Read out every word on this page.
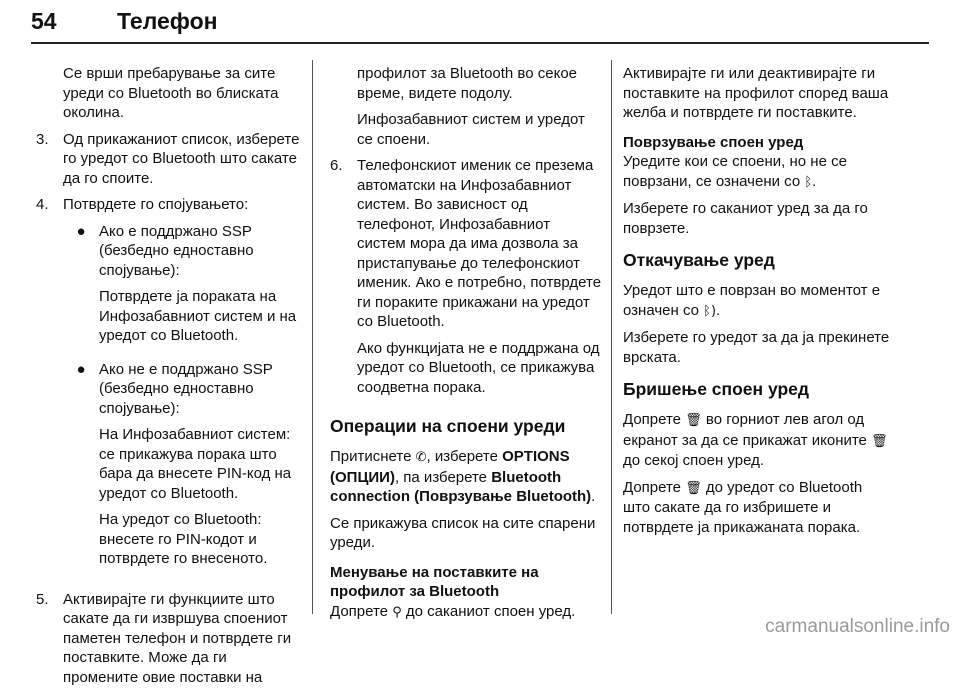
54	Телефон

Се врши пребарување за сите уреди со Bluetooth во блиската околина.

3. Од прикажаниот список, изберете го уредот со Bluetooth што сакате да го споите.
4. Потврдете го спојувањето:

● Ако е поддржано SSP (безбедно едноставно спојување):

Потврдете ја пораката на Инфозабавниот систем и на уредот со Bluetooth.

● Ако не е поддржано SSP (безбедно едноставно спојување):

На Инфозабавниот систем: се прикажува порака што бара да внесете PIN-код на уредот со Bluetooth.

На уредот со Bluetooth: внесете го PIN-кодот и потврдете го внесеното.

5. Активирајте ги функциите што сакате да ги извршува споениот паметен телефон и потврдете ги поставките. Може да ги промените овие поставки на

профилот за Bluetooth во секое време, видете подолу.

Инфозабавниот систем и уредот се споени.

6. Телефонскиот именик се презема автоматски на Инфозабавниот систем. Во зависност од телефонот, Инфозабавниот систем мора да има дозвола за пристапување до телефонскиот именик. Ако е потребно, потврдете ги пораките прикажани на уредот со Bluetooth.

Ако функцијата не е поддржана од уредот со Bluetooth, се прикажува соодветна порака.

Операции на споени уреди

Притиснете ✆, изберете OPTIONS (ОПЦИИ), па изберете Bluetooth connection (Поврзување Bluetooth).

Се прикажува список на сите спарени уреди.

Менување на поставките на профилот за Bluetooth

Допрете ⚲ до саканиот споен уред.

Активирајте ги или деактивирајте ги поставките на профилот според ваша желба и потврдете ги поставките.

Поврзување споен уред

Уредите кои се споени, но не се поврзани, се означени со ᛒ.

Изберете го саканиот уред за да го поврзете.

Откачување уред

Уредот што е поврзан во моментот е означен со ᛒ).

Изберете го уредот за да ја прекинете врската.

Бришење споен уред

Допрете 🗑 во горниот лев агол од екранот за да се прикажат иконите 🗑 до секој споен уред.

Допрете 🗑 до уредот со Bluetooth што сакате да го избришете и потврдете ја прикажаната порака.

carmanualsonline.info
